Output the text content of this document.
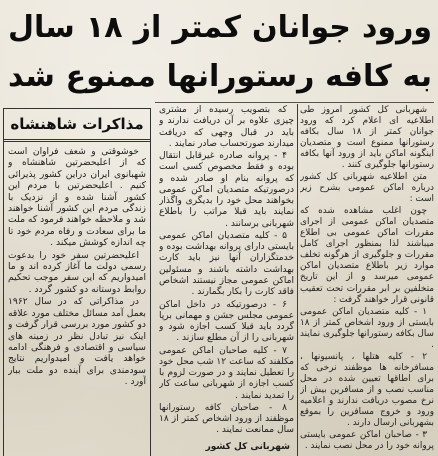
ورود جوانان کمتر از ۱۸ سال
به کافه رستورانها ممنوع شد

شهربانی کل کشور امروز طی اطلاعیه ای اعلام کرد که ورود جوانان کمتر از ۱۸ سال بکافه رستورانها ممنوع است و متصدیان اینگونه اماکن باید از ورود آنها بکافه رستورانها جلوگیری کنند .

متن اطلاعیه شهربانی کل کشور درباره اماکن عمومی بشرح زیر است :

چون اغلب مشاهده شده که متصدیان اماکن عمومی از اجرای مقررات اماکن عمومی بی اطلاع میباشند لذا بمنظور اجرای کامل مقررات و جلوگیری از هرگونه تخلف موارد زیر باطلاع متصدیان اماکن عمومی میرسد و از این تاریخ متخلفین بر ابر مقررات تحت تعقیب قانونی قرار خواهند گرفت :

۱ - کلیه متصدیان اماکن عمومی بایستی از ورود اشخاص کمتر از ۱۸ سال بکافه رستورانها جلوگیری نمایند .

۲ - کلیه هتلها ، پانسیونها ، مسافرخانه ها موظفند نرخی که برای اطاقها تعیین شده در محل مناسب نصب و از مسافرین بیش از نرخ مصوب دریافت ندارند و اعلامیه ورود و خروج مسافرین را بموقع بشهربانی ارسال دارند .

۳ - صاحبان اماکن عمومی بایستی پروانه خود را در محل نصب نمایند .

که بتصویب رسیده از مشتری چیزی علاوه بر آن دریافت ندارند و باید در قبال وجهی که دریافت میدارند صورتحساب صادر نمایند .

۴ - پروانه صادره غیرقابل انتقال بوده و فقط مخصوص کسی است که پروانه بنام او صادر شده و درصورتیکه متصدیان اماکن عمومی بخواهند محل خود را بدیگری واگذار نمایند باید قبلا مراتب را باطلاع شهربانی برسانند .

۵ - کلیه متصدیان اماکن عمومی بایستی دارای پروانه بهداشت بوده و خدمتگزاران آنها نیز باید کارت بهداشت داشته باشند و مسئولین اماکن عمومی مجاز نیستند اشخاص فاقد کارت را بکار بگمارند .

۶ - درصورتیکه در داخل اماکن عمومی مجلس جشن و مهمانی برپا گردد باید قبلا کسب اجازه شود و شهربانی را از آن مطلع سازند .

۷ - کلیه صاحبان اماکن عمومی مکلفند که ساعت ۱۲ شب محل خود را تعطیل نمایند و در صورت لزوم با کسب اجازه از شهربانی ساعت کار را تمدید نمایند .

۸ - صاحبان کافه رستورانها موظفند از ورود اشخاص کمتر از ۱۸ سال ممانعت نمایند .

شهربانی کل کشور
مذاکرات شاهنشاه

خوشوقتی و شعف فراوان است که از اعلیحضرتین شاهنشاه و شهبانوی ایران دراین کشور پذیرائی کنیم . اعلیحضرتین با مردم این کشور آشنا شده و از نزدیک با زندگی مردم این کشور آشنا خواهند شد و ملاحظه خواهند فرمود که ملت ما برای سعادت و رفاه مردم خود تا چه اندازه کوشش میکند .

اعلیحضرتین سفر خود را بدعوت رسمی دولت ما آغاز کرده اند و ما امیدواریم که این سفر موجب تحکیم روابط دوستانه دو کشور گردد .

در مذاکراتی که در سال ۱۹۶۲ بعمل آمد مسائل مختلف مورد علاقه دو کشور مورد بررسی قرار گرفت و اینک نیز تبادل نظر در زمینه های سیاسی و اقتصادی و فرهنگی ادامه خواهد یافت و امیدواریم نتایج سودمندی برای آینده دو ملت ببار آورد .
